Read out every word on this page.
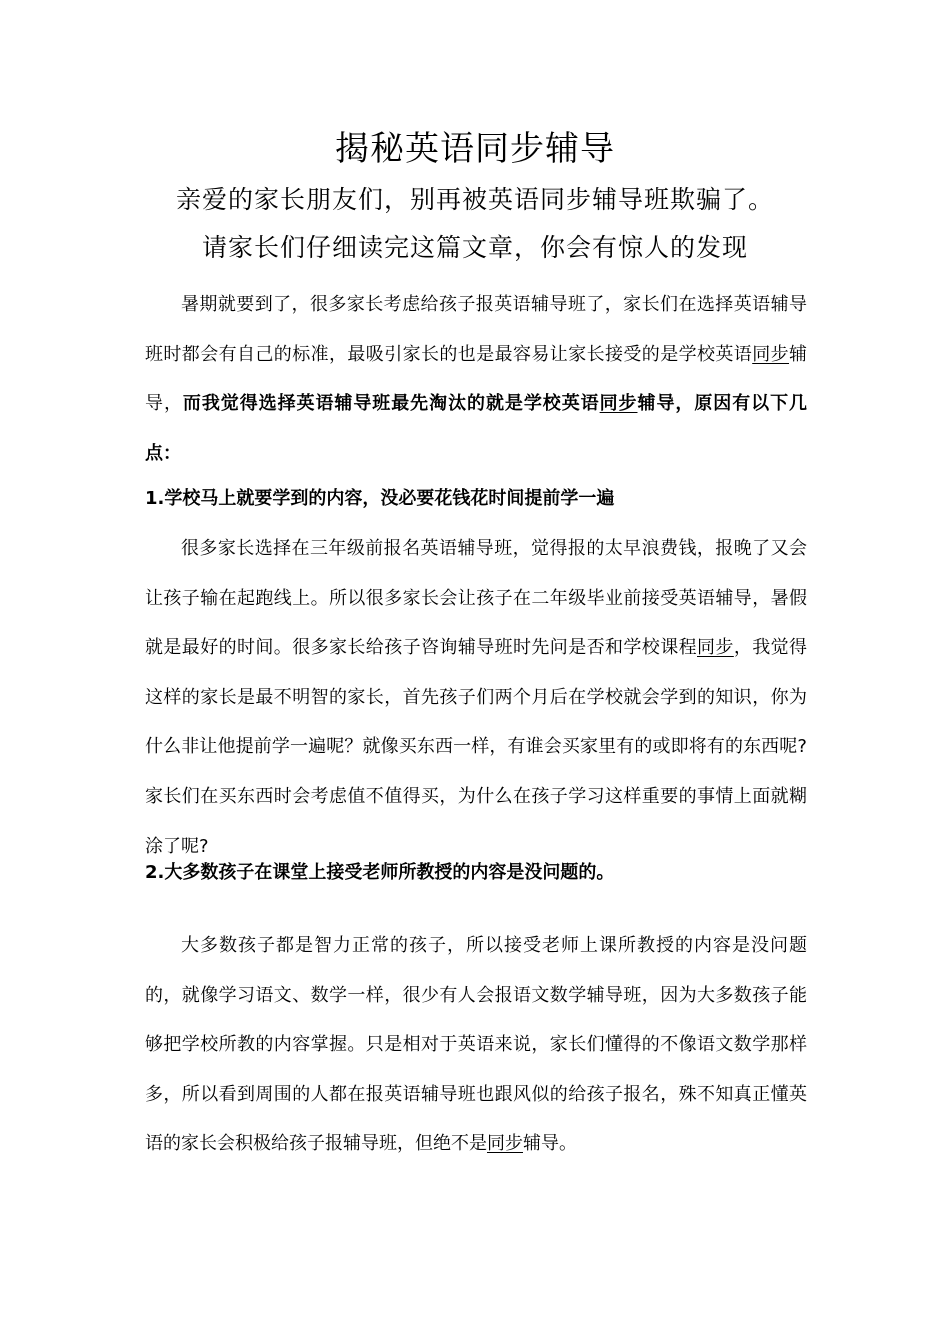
揭秘英语同步辅导

亲爱的家长朋友们，别再被英语同步辅导班欺骗了。

请家长们仔细读完这篇文章，你会有惊人的发现

暑期就要到了，很多家长考虑给孩子报英语辅导班了，家长们在选择英语辅导班时都会有自己的标准，最吸引家长的也是最容易让家长接受的是学校英语同步辅导，而我觉得选择英语辅导班最先淘汰的就是学校英语同步辅导，原因有以下几点：

1.学校马上就要学到的内容，没必要花钱花时间提前学一遍

很多家长选择在三年级前报名英语辅导班，觉得报的太早浪费钱，报晚了又会让孩子输在起跑线上。所以很多家长会让孩子在二年级毕业前接受英语辅导，暑假就是最好的时间。很多家长给孩子咨询辅导班时先问是否和学校课程同步，我觉得这样的家长是最不明智的家长，首先孩子们两个月后在学校就会学到的知识，你为什么非让他提前学一遍呢？就像买东西一样，有谁会买家里有的或即将有的东西呢?家长们在买东西时会考虑值不值得买，为什么在孩子学习这样重要的事情上面就糊涂了呢?

2.大多数孩子在课堂上接受老师所教授的内容是没问题的。

大多数孩子都是智力正常的孩子，所以接受老师上课所教授的内容是没问题的，就像学习语文、数学一样，很少有人会报语文数学辅导班，因为大多数孩子能够把学校所教的内容掌握。只是相对于英语来说，家长们懂得的不像语文数学那样多，所以看到周围的人都在报英语辅导班也跟风似的给孩子报名，殊不知真正懂英语的家长会积极给孩子报辅导班，但绝不是同步辅导。
